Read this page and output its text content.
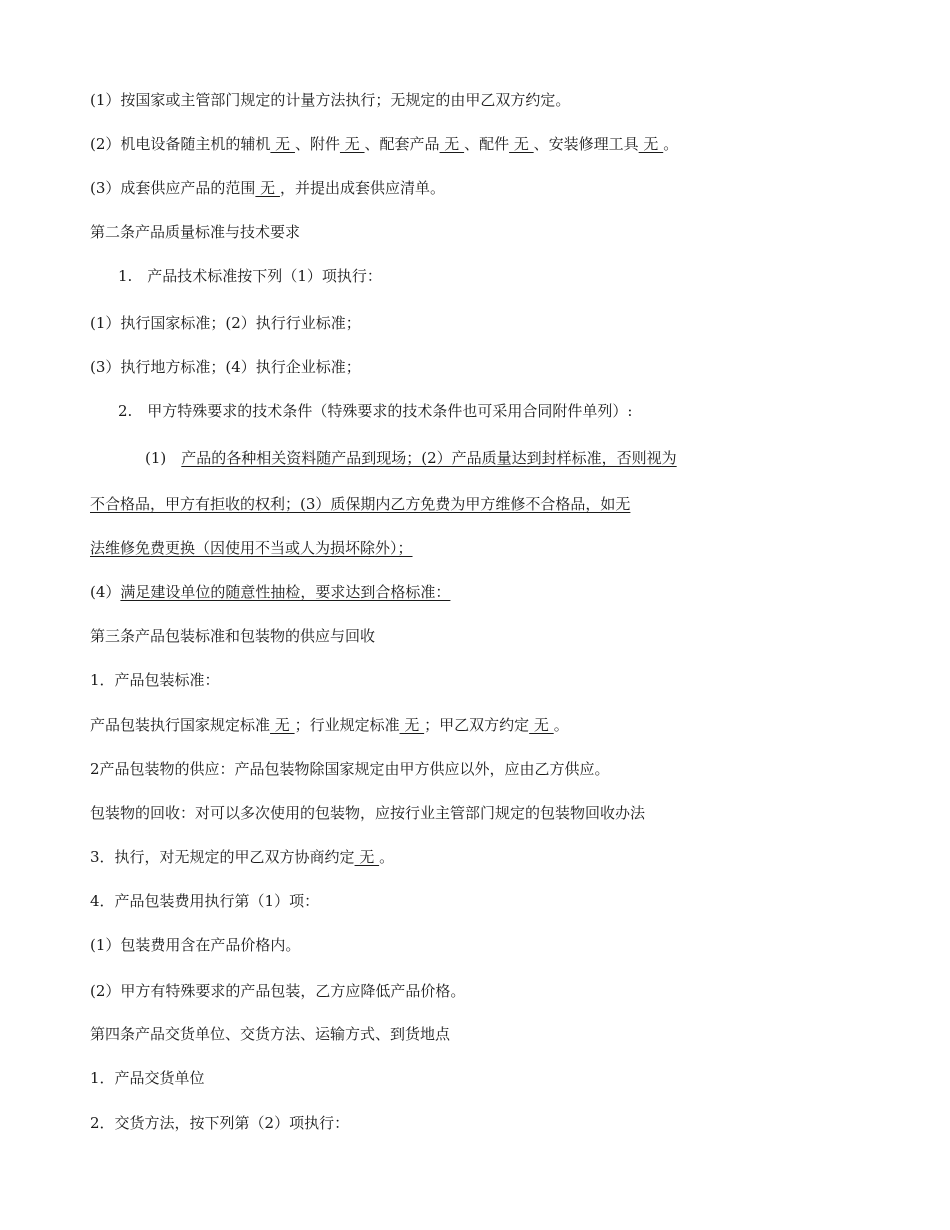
(1）按国家或主管部门规定的计量方法执行；无规定的由甲乙双方约定。
(2）机电设备随主机的辅机 无 、附件 无 、配套产品 无 、配件 无 、安装修理工具 无 。
(3）成套供应产品的范围 无 ，并提出成套供应清单。
第二条产品质量标准与技术要求
1.　产品技术标准按下列（1）项执行：
(1）执行国家标准；(2）执行行业标准；
(3）执行地方标准；(4）执行企业标准；
2.　甲方特殊要求的技术条件（特殊要求的技术条件也可采用合同附件单列）:
(1)　 产品的各种相关资料随产品到现场；(2）产品质量达到封样标准，否则视为
不合格品，甲方有拒收的权利；(3）质保期内乙方免费为甲方维修不合格品，如无
法维修免费更换（因使用不当或人为损坏除外）；
(4）满足建设单位的随意性抽检，要求达到合格标准：
第三条产品包装标准和包装物的供应与回收
1．产品包装标准：
产品包装执行国家规定标准 无 ；行业规定标准 无 ；甲乙双方约定 无 。
2产品包装物的供应：产品包装物除国家规定由甲方供应以外，应由乙方供应。
包装物的回收：对可以多次使用的包装物，应按行业主管部门规定的包装物回收办法
3．执行，对无规定的甲乙双方协商约定 无 。
4．产品包装费用执行第（1）项：
(1）包装费用含在产品价格内。
(2）甲方有特殊要求的产品包装，乙方应降低产品价格。
第四条产品交货单位、交货方法、运输方式、到货地点
1．产品交货单位
2．交货方法，按下列第（2）项执行：
